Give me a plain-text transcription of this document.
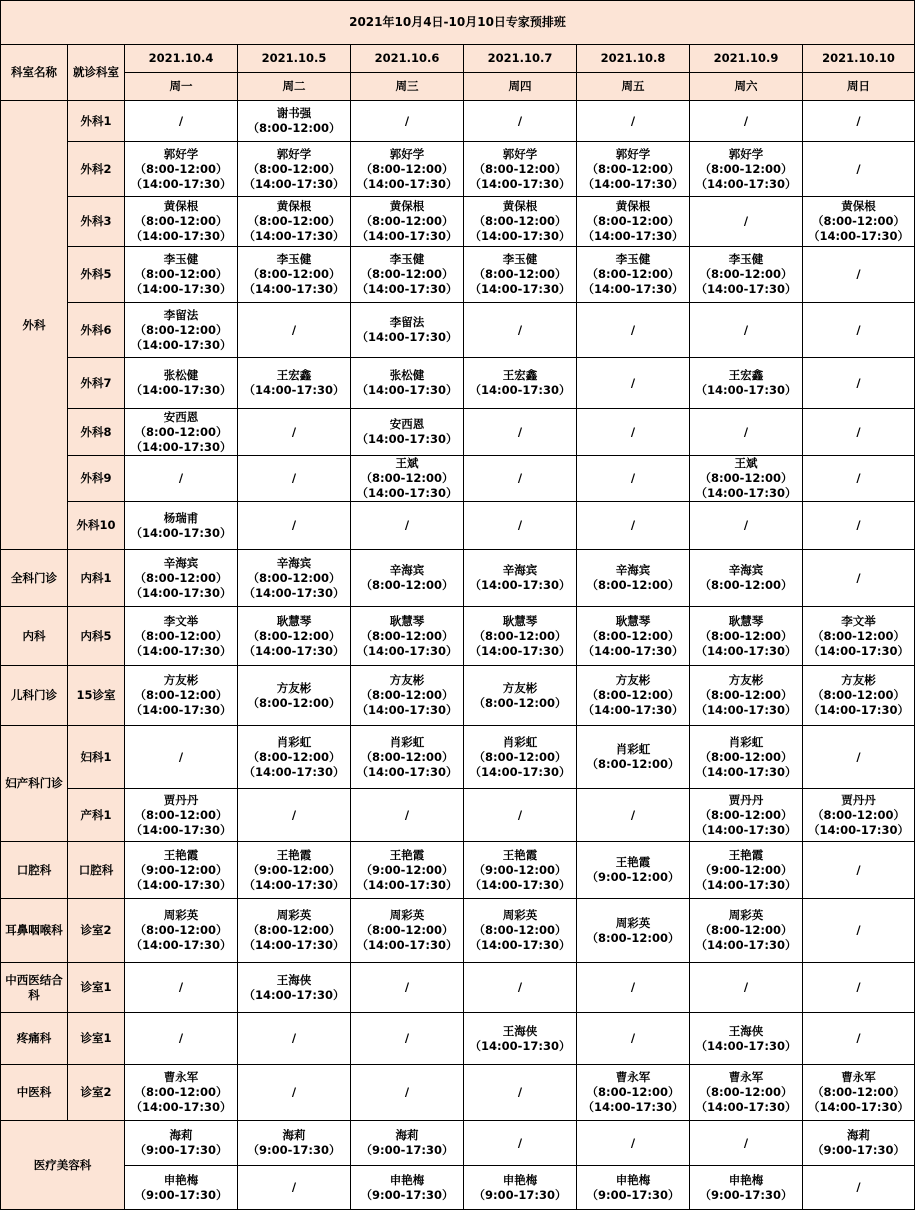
2021年10月4日-10月10日专家预排班								
科室名称	就诊科室	2021.10.4	2021.10.5	2021.10.6	2021.10.7	2021.10.8	2021.10.9	2021.10.10
		周一	周二	周三	周四	周五	周六	周日
外科	外科1	/	谢书强
（8:00-12:00）	/	/	/	/	/

	外科2	郭好学
（8:00-12:00）
（14:00-17:30）	郭好学
（8:00-12:00）
（14:00-17:30）	郭好学
（8:00-12:00）
（14:00-17:30）	郭好学
（8:00-12:00）
（14:00-17:30）	郭好学
（8:00-12:00）
（14:00-17:30）	郭好学
（8:00-12:00）
（14:00-17:30）	/

	外科3	黄保根
（8:00-12:00）
（14:00-17:30）	黄保根
（8:00-12:00）
（14:00-17:30）	黄保根
（8:00-12:00）
（14:00-17:30）	黄保根
（8:00-12:00）
（14:00-17:30）	黄保根
（8:00-12:00）
（14:00-17:30）	/	黄保根
（8:00-12:00）
（14:00-17:30）

	外科5	李玉健
（8:00-12:00）
（14:00-17:30）	李玉健
（8:00-12:00）
（14:00-17:30）	李玉健
（8:00-12:00）
（14:00-17:30）	李玉健
（8:00-12:00）
（14:00-17:30）	李玉健
（8:00-12:00）
（14:00-17:30）	李玉健
（8:00-12:00）
（14:00-17:30）	/

	外科6	李留法
（8:00-12:00）
（14:00-17:30）	/	李留法
（14:00-17:30）	/	/	/	/

	外科7	张松健
（14:00-17:30）	王宏鑫
（14:00-17:30）	张松健
（14:00-17:30）	王宏鑫
（14:00-17:30）	/	王宏鑫
（14:00-17:30）	/

	外科8	安西恩
（8:00-12:00）
（14:00-17:30）	/	安西恩
（14:00-17:30）	/	/	/	/

	外科9	/	/	王斌
（8:00-12:00）
（14:00-17:30）	/	/	王斌
（8:00-12:00）
（14:00-17:30）	/

	外科10	杨瑞甫
（14:00-17:30）	/	/	/	/	/	/

全科门诊	内科1	辛海宾
（8:00-12:00）
（14:00-17:30）	辛海宾
（8:00-12:00）
（14:00-17:30）	辛海宾
（8:00-12:00）	辛海宾
（14:00-17:30）	辛海宾
（8:00-12:00）	辛海宾
（8:00-12:00）	/

内科	内科5	李文举
（8:00-12:00）
（14:00-17:30）	耿慧琴
（8:00-12:00）
（14:00-17:30）	耿慧琴
（8:00-12:00）
（14:00-17:30）	耿慧琴
（8:00-12:00）
（14:00-17:30）	耿慧琴
（8:00-12:00）
（14:00-17:30）	耿慧琴
（8:00-12:00）
（14:00-17:30）	李文举
（8:00-12:00）
（14:00-17:30）

儿科门诊	15诊室	方友彬
（8:00-12:00）
（14:00-17:30）	方友彬
（8:00-12:00）	方友彬
（8:00-12:00）
（14:00-17:30）	方友彬
（8:00-12:00）	方友彬
（8:00-12:00）
（14:00-17:30）	方友彬
（8:00-12:00）
（14:00-17:30）	方友彬
（8:00-12:00）
（14:00-17:30）

妇产科门诊	妇科1	/	肖彩虹
（8:00-12:00）
（14:00-17:30）	肖彩虹
（8:00-12:00）
（14:00-17:30）	肖彩虹
（8:00-12:00）
（14:00-17:30）	肖彩虹
（8:00-12:00）	肖彩虹
（8:00-12:00）
（14:00-17:30）	/

	产科1	贾丹丹
（8:00-12:00）
（14:00-17:30）	/	/	/	/	贾丹丹
（8:00-12:00）
（14:00-17:30）	贾丹丹
（8:00-12:00）
（14:00-17:30）

口腔科	口腔科	王艳霞
（9:00-12:00）
（14:00-17:30）	王艳霞
（9:00-12:00）
（14:00-17:30）	王艳霞
（9:00-12:00）
（14:00-17:30）	王艳霞
（9:00-12:00）
（14:00-17:30）	王艳霞
（9:00-12:00）	王艳霞
（9:00-12:00）
（14:00-17:30）	/

耳鼻咽喉科	诊室2	周彩英
（8:00-12:00）
（14:00-17:30）	周彩英
（8:00-12:00）
（14:00-17:30）	周彩英
（8:00-12:00）
（14:00-17:30）	周彩英
（8:00-12:00）
（14:00-17:30）	周彩英
（8:00-12:00）	周彩英
（8:00-12:00）
（14:00-17:30）	/

中西医结合科	诊室1	/	王海侠
（14:00-17:30）	/	/	/	/	/

疼痛科	诊室1	/	/	/	王海侠
（14:00-17:30）	/	王海侠
（14:00-17:30）	/

中医科	诊室2	曹永军
（8:00-12:00）
（14:00-17:30）	/	/	/	曹永军
（8:00-12:00）
（14:00-17:30）	曹永军
（8:00-12:00）
（14:00-17:30）	曹永军
（8:00-12:00）
（14:00-17:30）

医疗美容科		海莉
（9:00-17:30）	海莉
（9:00-17:30）	海莉
（9:00-17:30）	/	/	/	海莉
（9:00-17:30）

		申艳梅
（9:00-17:30）	/	申艳梅
（9:00-17:30）	申艳梅
（9:00-17:30）	申艳梅
（9:00-17:30）	申艳梅
（9:00-17:30）	/
